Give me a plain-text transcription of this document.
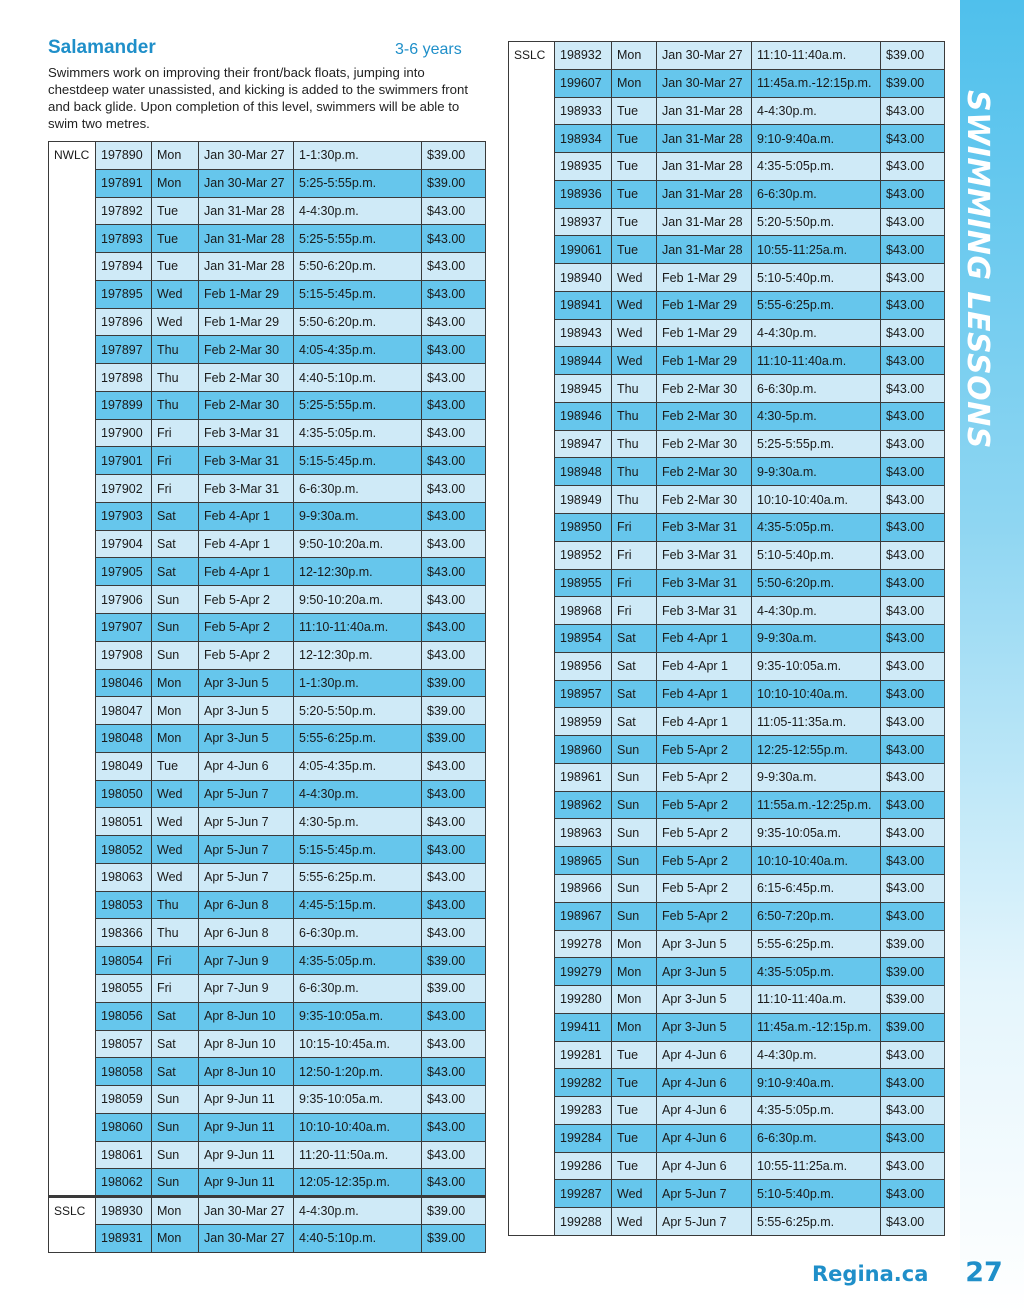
SWIMMING LESSONS
Salamander	3-6 years
Swimmers work on improving their front/back floats, jumping into chestdeep water unassisted, and kicking is added to the swimmers front and back glide. Upon completion of this level, swimmers will be able to swim two metres.
NWLC	197890	Mon	Jan 30-Mar 27	1-1:30p.m.	$39.00
	197891	Mon	Jan 30-Mar 27	5:25-5:55p.m.	$39.00
	197892	Tue	Jan 31-Mar 28	4-4:30p.m.	$43.00
	197893	Tue	Jan 31-Mar 28	5:25-5:55p.m.	$43.00
	197894	Tue	Jan 31-Mar 28	5:50-6:20p.m.	$43.00
	197895	Wed	Feb 1-Mar 29	5:15-5:45p.m.	$43.00
	197896	Wed	Feb 1-Mar 29	5:50-6:20p.m.	$43.00
	197897	Thu	Feb 2-Mar 30	4:05-4:35p.m.	$43.00
	197898	Thu	Feb 2-Mar 30	4:40-5:10p.m.	$43.00
	197899	Thu	Feb 2-Mar 30	5:25-5:55p.m.	$43.00
	197900	Fri	Feb 3-Mar 31	4:35-5:05p.m.	$43.00
	197901	Fri	Feb 3-Mar 31	5:15-5:45p.m.	$43.00
	197902	Fri	Feb 3-Mar 31	6-6:30p.m.	$43.00
	197903	Sat	Feb 4-Apr 1	9-9:30a.m.	$43.00
	197904	Sat	Feb 4-Apr 1	9:50-10:20a.m.	$43.00
	197905	Sat	Feb 4-Apr 1	12-12:30p.m.	$43.00
	197906	Sun	Feb 5-Apr 2	9:50-10:20a.m.	$43.00
	197907	Sun	Feb 5-Apr 2	11:10-11:40a.m.	$43.00
	197908	Sun	Feb 5-Apr 2	12-12:30p.m.	$43.00
	198046	Mon	Apr 3-Jun 5	1-1:30p.m.	$39.00
	198047	Mon	Apr 3-Jun 5	5:20-5:50p.m.	$39.00
	198048	Mon	Apr 3-Jun 5	5:55-6:25p.m.	$39.00
	198049	Tue	Apr 4-Jun 6	4:05-4:35p.m.	$43.00
	198050	Wed	Apr 5-Jun 7	4-4:30p.m.	$43.00
	198051	Wed	Apr 5-Jun 7	4:30-5p.m.	$43.00
	198052	Wed	Apr 5-Jun 7	5:15-5:45p.m.	$43.00
	198063	Wed	Apr 5-Jun 7	5:55-6:25p.m.	$43.00
	198053	Thu	Apr 6-Jun 8	4:45-5:15p.m.	$43.00
	198366	Thu	Apr 6-Jun 8	6-6:30p.m.	$43.00
	198054	Fri	Apr 7-Jun 9	4:35-5:05p.m.	$39.00
	198055	Fri	Apr 7-Jun 9	6-6:30p.m.	$39.00
	198056	Sat	Apr 8-Jun 10	9:35-10:05a.m.	$43.00
	198057	Sat	Apr 8-Jun 10	10:15-10:45a.m.	$43.00
	198058	Sat	Apr 8-Jun 10	12:50-1:20p.m.	$43.00
	198059	Sun	Apr 9-Jun 11	9:35-10:05a.m.	$43.00
	198060	Sun	Apr 9-Jun 11	10:10-10:40a.m.	$43.00
	198061	Sun	Apr 9-Jun 11	11:20-11:50a.m.	$43.00
	198062	Sun	Apr 9-Jun 11	12:05-12:35p.m.	$43.00
SSLC	198930	Mon	Jan 30-Mar 27	4-4:30p.m.	$39.00
	198931	Mon	Jan 30-Mar 27	4:40-5:10p.m.	$39.00
SSLC	198932	Mon	Jan 30-Mar 27	11:10-11:40a.m.	$39.00
	199607	Mon	Jan 30-Mar 27	11:45a.m.-12:15p.m.	$39.00
	198933	Tue	Jan 31-Mar 28	4-4:30p.m.	$43.00
	198934	Tue	Jan 31-Mar 28	9:10-9:40a.m.	$43.00
	198935	Tue	Jan 31-Mar 28	4:35-5:05p.m.	$43.00
	198936	Tue	Jan 31-Mar 28	6-6:30p.m.	$43.00
	198937	Tue	Jan 31-Mar 28	5:20-5:50p.m.	$43.00
	199061	Tue	Jan 31-Mar 28	10:55-11:25a.m.	$43.00
	198940	Wed	Feb 1-Mar 29	5:10-5:40p.m.	$43.00
	198941	Wed	Feb 1-Mar 29	5:55-6:25p.m.	$43.00
	198943	Wed	Feb 1-Mar 29	4-4:30p.m.	$43.00
	198944	Wed	Feb 1-Mar 29	11:10-11:40a.m.	$43.00
	198945	Thu	Feb 2-Mar 30	6-6:30p.m.	$43.00
	198946	Thu	Feb 2-Mar 30	4:30-5p.m.	$43.00
	198947	Thu	Feb 2-Mar 30	5:25-5:55p.m.	$43.00
	198948	Thu	Feb 2-Mar 30	9-9:30a.m.	$43.00
	198949	Thu	Feb 2-Mar 30	10:10-10:40a.m.	$43.00
	198950	Fri	Feb 3-Mar 31	4:35-5:05p.m.	$43.00
	198952	Fri	Feb 3-Mar 31	5:10-5:40p.m.	$43.00
	198955	Fri	Feb 3-Mar 31	5:50-6:20p.m.	$43.00
	198968	Fri	Feb 3-Mar 31	4-4:30p.m.	$43.00
	198954	Sat	Feb 4-Apr 1	9-9:30a.m.	$43.00
	198956	Sat	Feb 4-Apr 1	9:35-10:05a.m.	$43.00
	198957	Sat	Feb 4-Apr 1	10:10-10:40a.m.	$43.00
	198959	Sat	Feb 4-Apr 1	11:05-11:35a.m.	$43.00
	198960	Sun	Feb 5-Apr 2	12:25-12:55p.m.	$43.00
	198961	Sun	Feb 5-Apr 2	9-9:30a.m.	$43.00
	198962	Sun	Feb 5-Apr 2	11:55a.m.-12:25p.m.	$43.00
	198963	Sun	Feb 5-Apr 2	9:35-10:05a.m.	$43.00
	198965	Sun	Feb 5-Apr 2	10:10-10:40a.m.	$43.00
	198966	Sun	Feb 5-Apr 2	6:15-6:45p.m.	$43.00
	198967	Sun	Feb 5-Apr 2	6:50-7:20p.m.	$43.00
	199278	Mon	Apr 3-Jun 5	5:55-6:25p.m.	$39.00
	199279	Mon	Apr 3-Jun 5	4:35-5:05p.m.	$39.00
	199280	Mon	Apr 3-Jun 5	11:10-11:40a.m.	$39.00
	199411	Mon	Apr 3-Jun 5	11:45a.m.-12:15p.m.	$39.00
	199281	Tue	Apr 4-Jun 6	4-4:30p.m.	$43.00
	199282	Tue	Apr 4-Jun 6	9:10-9:40a.m.	$43.00
	199283	Tue	Apr 4-Jun 6	4:35-5:05p.m.	$43.00
	199284	Tue	Apr 4-Jun 6	6-6:30p.m.	$43.00
	199286	Tue	Apr 4-Jun 6	10:55-11:25a.m.	$43.00
	199287	Wed	Apr 5-Jun 7	5:10-5:40p.m.	$43.00
	199288	Wed	Apr 5-Jun 7	5:55-6:25p.m.	$43.00
Regina.ca 27
